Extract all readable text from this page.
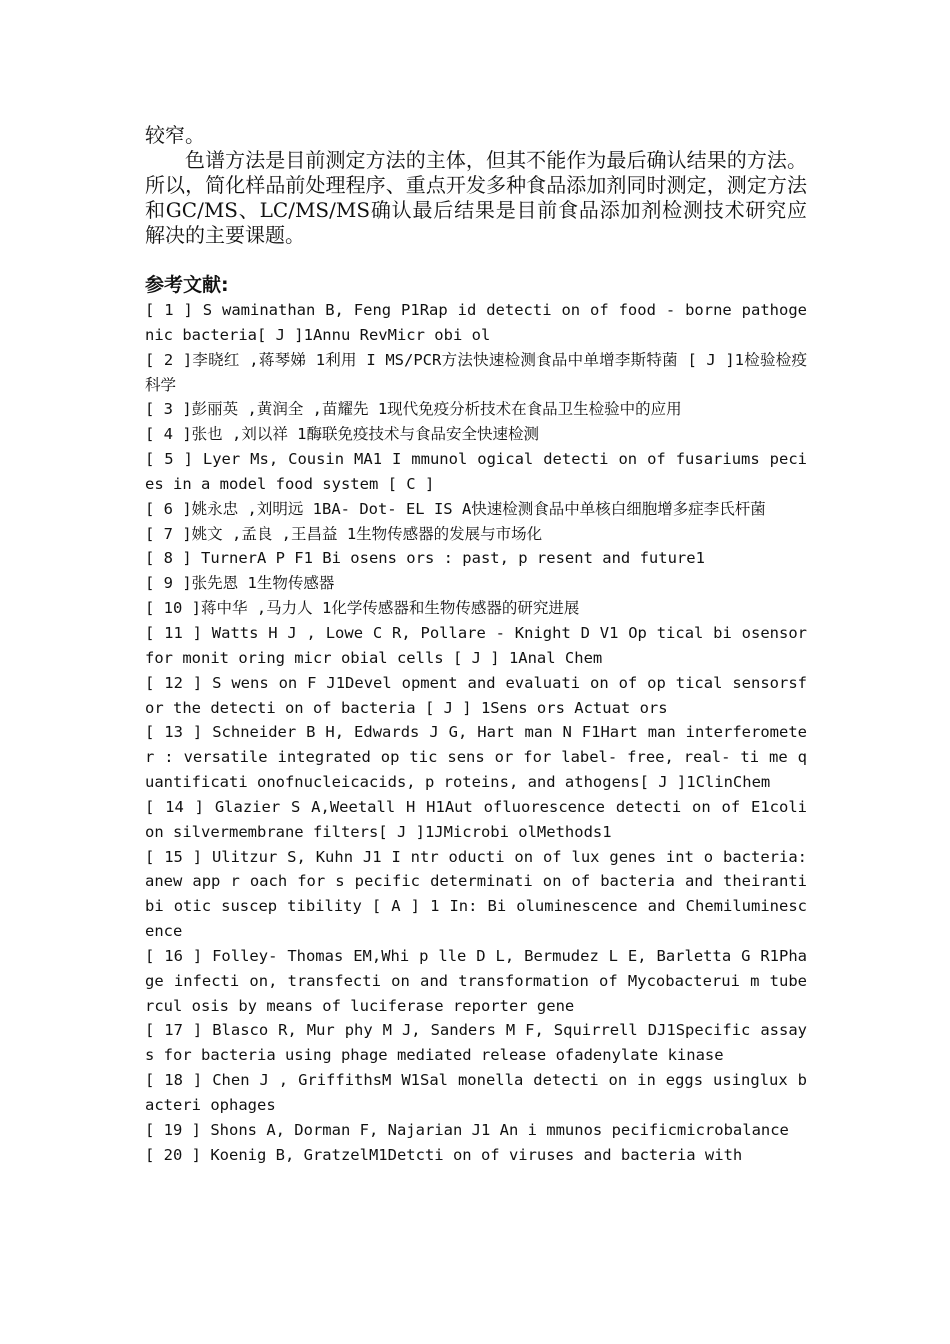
较窄。

色谱方法是目前测定方法的主体，但其不能作为最后确认结果的方法。所以，简化样品前处理程序、重点开发多种食品添加剂同时测定，测定方法和GC/MS、LC/MS/MS确认最后结果是目前食品添加剂检测技术研究应解决的主要课题。

参考文献:

[ 1 ] S waminathan B, Feng P1Rap id detecti on of food - borne pathogenic bacteria[ J ]1Annu RevMicr obi ol

[ 2 ]李晓红 ,蒋琴娣 1利用 I MS/PCR方法快速检测食品中单增李斯特菌 [ J ]1检验检疫科学

[ 3 ]彭丽英 ,黄润全 ,苗耀先 1现代免疫分析技术在食品卫生检验中的应用

[ 4 ]张也 ,刘以祥 1酶联免疫技术与食品安全快速检测

[ 5 ] Lyer Ms, Cousin MA1 I mmunol ogical detecti on of fusariums pecies in a model food system [ C ]

[ 6 ]姚永忠 ,刘明远 1BA- Dot- EL IS A快速检测食品中单核白细胞增多症李氏杆菌

[ 7 ]姚文 ,孟良 ,王昌益 1生物传感器的发展与市场化

[ 8 ] TurnerA P F1 Bi osens ors : past, p resent and future1

[ 9 ]张先恩 1生物传感器

[ 10 ]蒋中华 ,马力人 1化学传感器和生物传感器的研究进展

[ 11 ] Watts H J , Lowe C R, Pollare - Knight D V1 Op tical bi osensor for monit oring micr obial cells [ J ] 1Anal Chem

[ 12 ] S wens on F J1Devel opment and evaluati on of op tical sensorsfor the detecti on of bacteria [ J ] 1Sens ors Actuat ors

[ 13 ] Schneider B H, Edwards J G, Hart man N F1Hart man interferometer : versatile integrated op tic sens or for label- free, real- ti me quantificati onofnucleicacids, p roteins, and athogens[ J ]1ClinChem

[ 14 ] Glazier S A,Weetall H H1Aut ofluorescence detecti on of E1coli on silvermembrane filters[ J ]1JMicrobi olMethods1

[ 15 ] Ulitzur S, Kuhn J1 I ntr oducti on of lux genes int o bacteria: anew app r oach for s pecific determinati on of bacteria and theirantibi otic suscep tibility [ A ] 1 In: Bi oluminescence and Chemiluminescence

[ 16 ] Folley- Thomas EM,Whi p lle D L, Bermudez L E, Barletta G R1Phage infecti on, transfecti on and transformation of Mycobacterui m tubercul osis by means of luciferase reporter gene

[ 17 ] Blasco R, Mur phy M J, Sanders M F, Squirrell DJ1Specific assays for bacteria using phage mediated release ofadenylate kinase

[ 18 ] Chen J , GriffithsM W1Sal monella detecti on in eggs usinglux bacteri ophages

[ 19 ] Shons A, Dorman F, Najarian J1 An i mmunos pecificmicrobalance

[ 20 ] Koenig B, GratzelM1Detcti on of viruses and bacteria with
